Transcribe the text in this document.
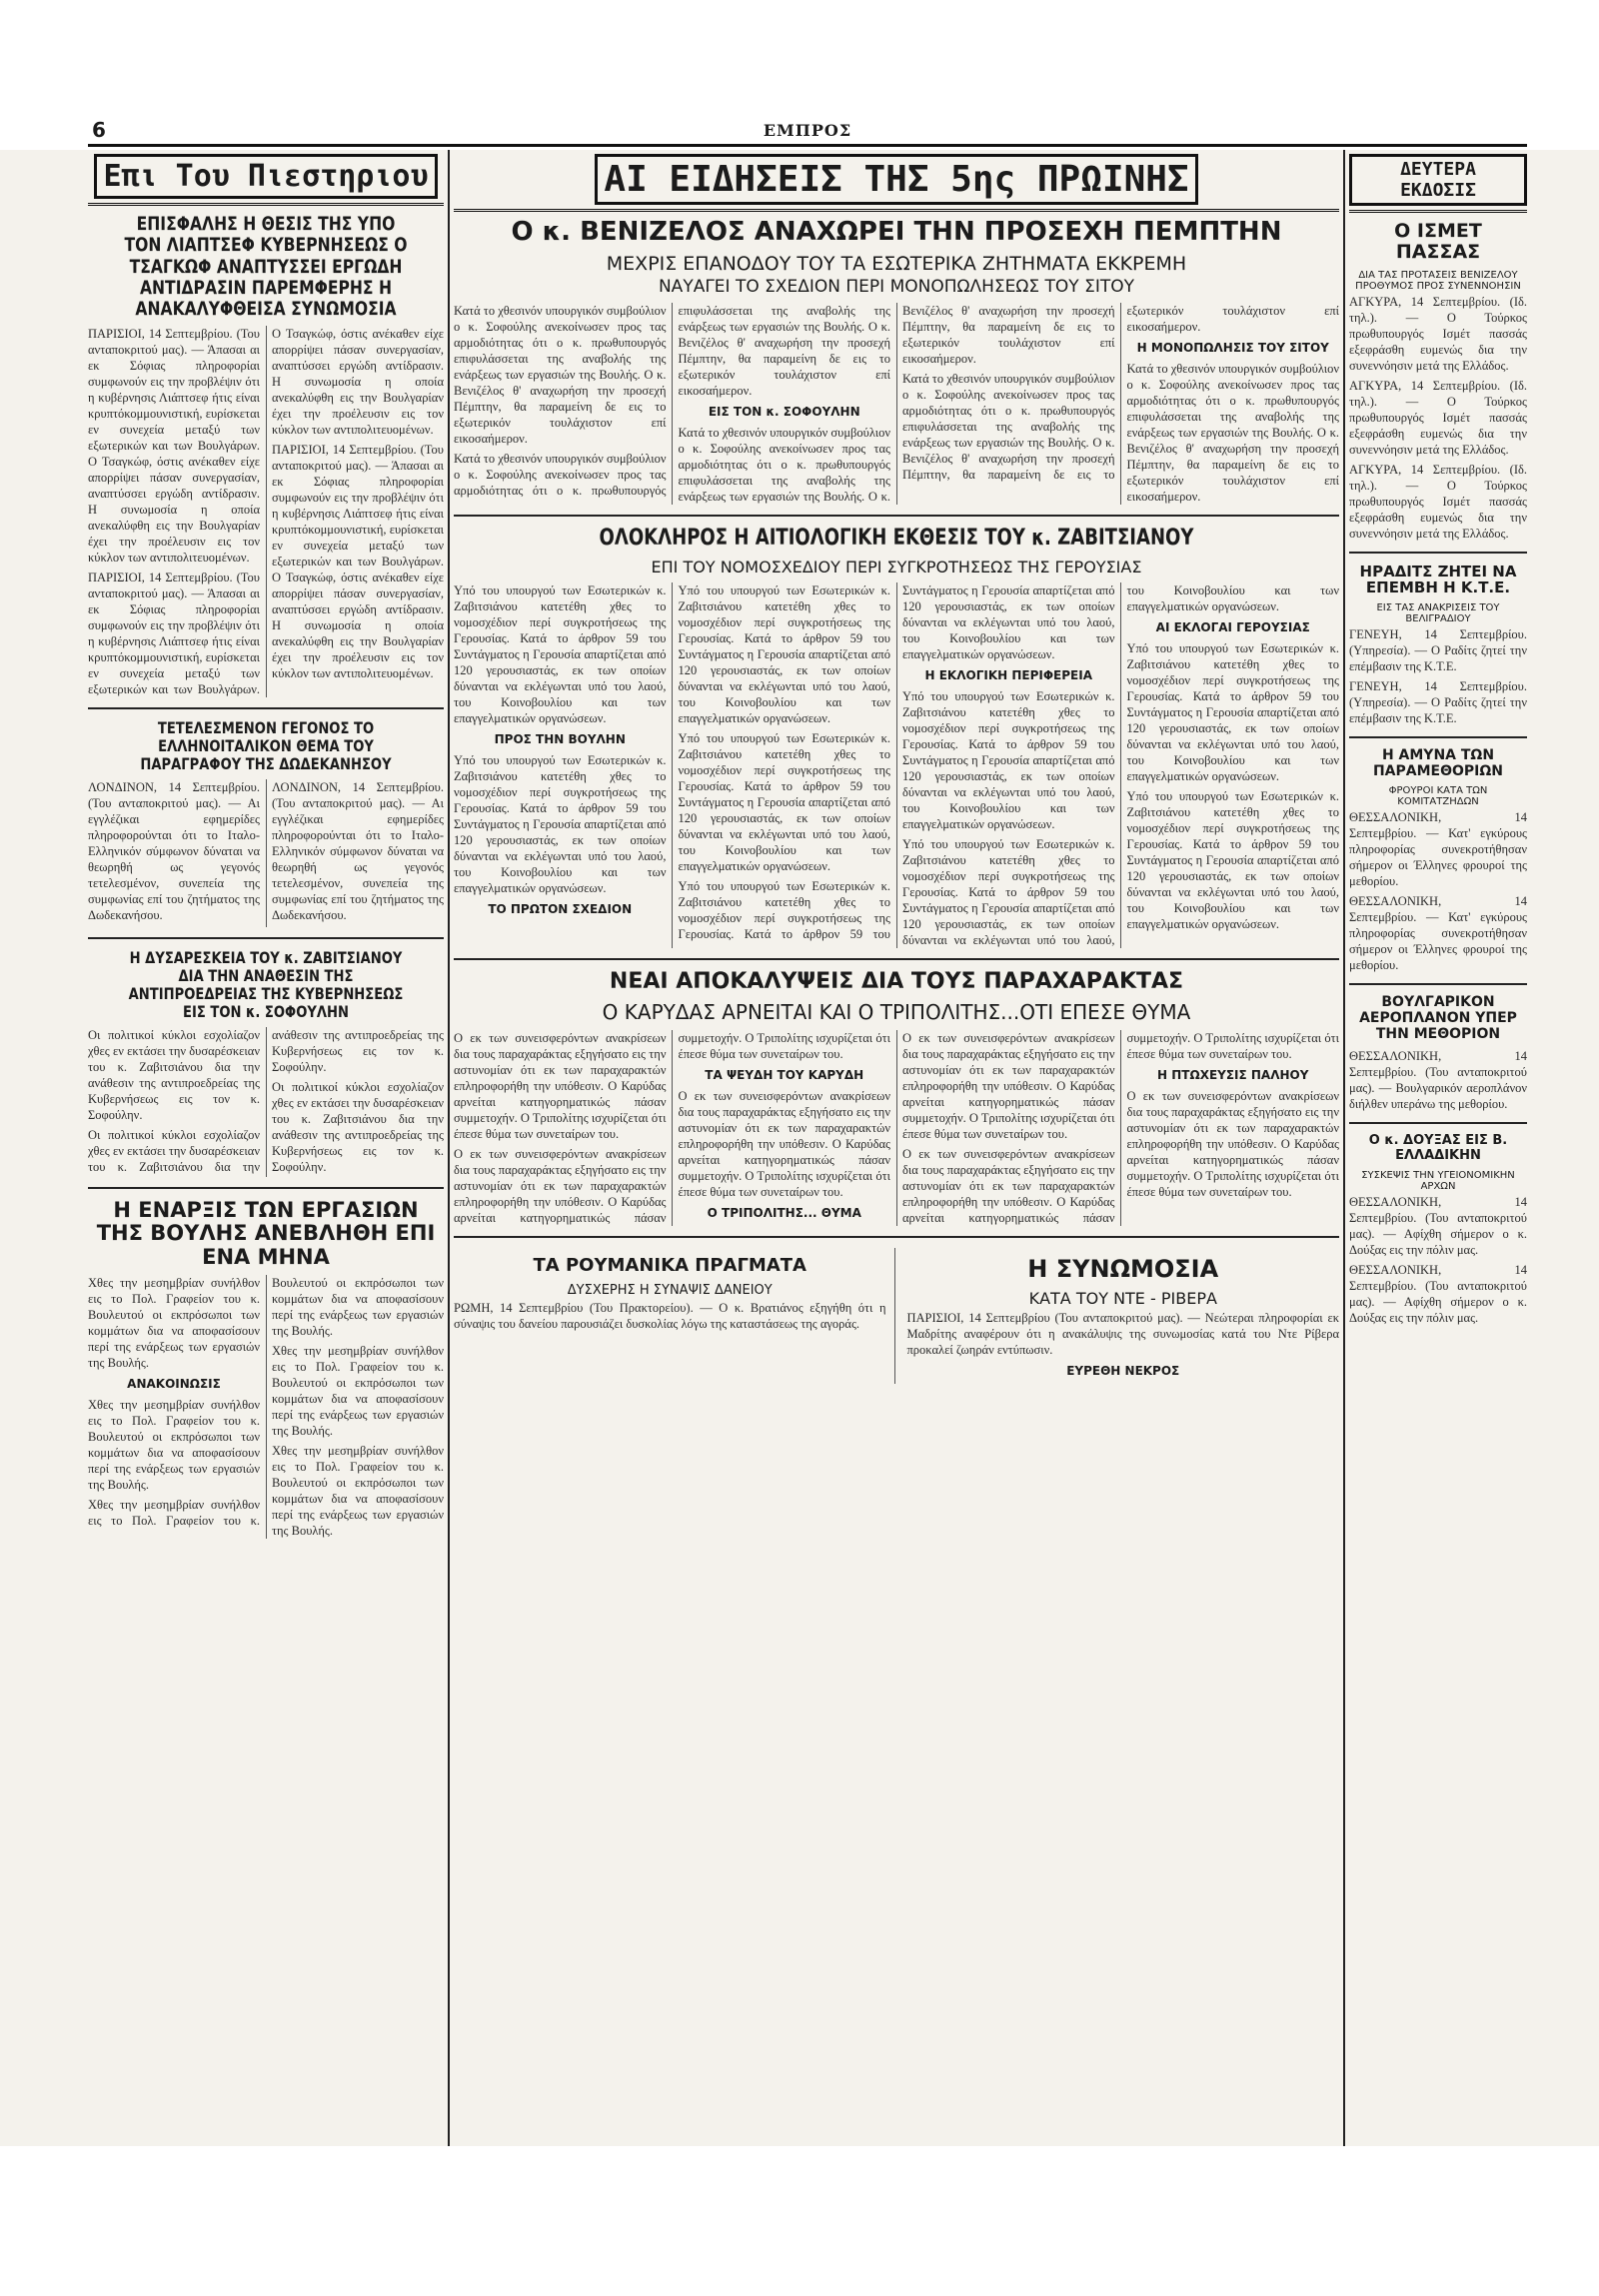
6	ΕΜΠΡΟΣ
Επι Του Πιεστηριου
ΕΠΙΣΦΑΛΗΣ Η ΘΕΣΙΣ ΤΗΣ ΥΠΟ ΤΟΝ ΛΙΑΠΤΣΕΦ ΚΥΒΕΡΝΗΣΕΩΣ Ο ΤΣΑΓΚΩΦ ΑΝΑΠΤΥΣΣΕΙ ΕΡΓΩΔΗ ΑΝΤΙΔΡΑΣΙΝ ΠΑΡΕΜΦΕΡΗΣ Η ΑΝΑΚΑΛΥΦΘΕΙΣΑ ΣΥΝΩΜΟΣΙΑ

ΠΑΡΙΣΙΟΙ, 14 Σεπτεμβρίου. (Του ανταποκριτού μας). — Άπασαι αι εκ Σόφιας πληροφορίαι συμφωνούν εις την προβλέψιν ότι η κυβέρνησις Λιάπτσεφ ήτις είναι κρυπτόκομμουνιστική, ευρίσκεται εν συνεχεία μεταξύ των εξωτερικών και των Βουλγάρων. Ο Τσαγκώφ, όστις ανέκαθεν είχε απορρίψει πάσαν συνεργασίαν, αναπτύσσει εργώδη αντίδρασιν. Η συνωμοσία η οποία ανεκαλύφθη εις την Βουλγαρίαν έχει την προέλευσιν εις τον κύκλον των αντιπολιτευομένων.

ΠΑΡΙΣΙΟΙ, 14 Σεπτεμβρίου. (Του ανταποκριτού μας). — Άπασαι αι εκ Σόφιας πληροφορίαι συμφωνούν εις την προβλέψιν ότι η κυβέρνησις Λιάπτσεφ ήτις είναι κρυπτόκομμουνιστική, ευρίσκεται εν συνεχεία μεταξύ των εξωτερικών και των Βουλγάρων. Ο Τσαγκώφ, όστις ανέκαθεν είχε απορρίψει πάσαν συνεργασίαν, αναπτύσσει εργώδη αντίδρασιν. Η συνωμοσία η οποία ανεκαλύφθη εις την Βουλγαρίαν έχει την προέλευσιν εις τον κύκλον των αντιπολιτευομένων.

ΠΑΡΙΣΙΟΙ, 14 Σεπτεμβρίου. (Του ανταποκριτού μας). — Άπασαι αι εκ Σόφιας πληροφορίαι συμφωνούν εις την προβλέψιν ότι η κυβέρνησις Λιάπτσεφ ήτις είναι κρυπτόκομμουνιστική, ευρίσκεται εν συνεχεία μεταξύ των εξωτερικών και των Βουλγάρων. Ο Τσαγκώφ, όστις ανέκαθεν είχε απορρίψει πάσαν συνεργασίαν, αναπτύσσει εργώδη αντίδρασιν. Η συνωμοσία η οποία ανεκαλύφθη εις την Βουλγαρίαν έχει την προέλευσιν εις τον κύκλον των αντιπολιτευομένων.

ΤΕΤΕΛΕΣΜΕΝΟΝ ΓΕΓΟΝΟΣ ΤΟ ΕΛΛΗΝΟΙΤΑΛΙΚΟΝ ΘΕΜΑ ΤΟΥ ΠΑΡΑΓΡΑΦΟΥ ΤΗΣ ΔΩΔΕΚΑΝΗΣΟΥ

ΛΟΝΔΙΝΟΝ, 14 Σεπτεμβρίου. (Του ανταποκριτού μας). — Αι εγγλέζικαι εφημερίδες πληροφορούνται ότι το Ιταλο-Ελληνικόν σύμφωνον δύναται να θεωρηθή ως γεγονός τετελεσμένον, συνεπεία της συμφωνίας επί του ζητήματος της Δωδεκανήσου.

ΛΟΝΔΙΝΟΝ, 14 Σεπτεμβρίου. (Του ανταποκριτού μας). — Αι εγγλέζικαι εφημερίδες πληροφορούνται ότι το Ιταλο-Ελληνικόν σύμφωνον δύναται να θεωρηθή ως γεγονός τετελεσμένον, συνεπεία της συμφωνίας επί του ζητήματος της Δωδεκανήσου.

Η ΔΥΣΑΡΕΣΚΕΙΑ ΤΟΥ κ. ΖΑΒΙΤΣΙΑΝΟΥ ΔΙΑ ΤΗΝ ΑΝΑΘΕΣΙΝ ΤΗΣ ΑΝΤΙΠΡΟΕΔΡΕΙΑΣ ΤΗΣ ΚΥΒΕΡΝΗΣΕΩΣ ΕΙΣ ΤΟΝ κ. ΣΟΦΟΥΛΗΝ

Οι πολιτικοί κύκλοι εσχολίαζον χθες εν εκτάσει την δυσαρέσκειαν του κ. Ζαβιτσιάνου δια την ανάθεσιν της αντιπροεδρείας της Κυβερνήσεως εις τον κ. Σοφούλην.

Οι πολιτικοί κύκλοι εσχολίαζον χθες εν εκτάσει την δυσαρέσκειαν του κ. Ζαβιτσιάνου δια την ανάθεσιν της αντιπροεδρείας της Κυβερνήσεως εις τον κ. Σοφούλην.

Οι πολιτικοί κύκλοι εσχολίαζον χθες εν εκτάσει την δυσαρέσκειαν του κ. Ζαβιτσιάνου δια την ανάθεσιν της αντιπροεδρείας της Κυβερνήσεως εις τον κ. Σοφούλην.

Η ΕΝΑΡΞΙΣ ΤΩΝ ΕΡΓΑΣΙΩΝ ΤΗΣ ΒΟΥΛΗΣ ΑΝΕΒΛΗΘΗ ΕΠΙ ΕΝΑ ΜΗΝΑ

Χθες την μεσημβρίαν συνήλθον εις το Πολ. Γραφείον του κ. Βουλευτού οι εκπρόσωποι των κομμάτων δια να αποφασίσουν περί της ενάρξεως των εργασιών της Βουλής.

ΑΝΑΚΟΙΝΩΣΙΣ

Χθες την μεσημβρίαν συνήλθον εις το Πολ. Γραφείον του κ. Βουλευτού οι εκπρόσωποι των κομμάτων δια να αποφασίσουν περί της ενάρξεως των εργασιών της Βουλής.

Χθες την μεσημβρίαν συνήλθον εις το Πολ. Γραφείον του κ. Βουλευτού οι εκπρόσωποι των κομμάτων δια να αποφασίσουν περί της ενάρξεως των εργασιών της Βουλής.

Χθες την μεσημβρίαν συνήλθον εις το Πολ. Γραφείον του κ. Βουλευτού οι εκπρόσωποι των κομμάτων δια να αποφασίσουν περί της ενάρξεως των εργασιών της Βουλής.

Χθες την μεσημβρίαν συνήλθον εις το Πολ. Γραφείον του κ. Βουλευτού οι εκπρόσωποι των κομμάτων δια να αποφασίσουν περί της ενάρξεως των εργασιών της Βουλής.

ΑΙ ΕΙΔΗΣΕΙΣ ΤΗΣ 5ης ΠΡΩΙΝΗΣ
Ο κ. ΒΕΝΙΖΕΛΟΣ ΑΝΑΧΩΡΕΙ ΤΗΝ ΠΡΟΣΕΧΗ ΠΕΜΠΤΗΝ
ΜΕΧΡΙΣ ΕΠΑΝΟΔΟΥ ΤΟΥ ΤΑ ΕΣΩΤΕΡΙΚΑ ΖΗΤΗΜΑΤΑ ΕΚΚΡΕΜΗ
ΝΑΥΑΓΕΙ ΤΟ ΣΧΕΔΙΟΝ ΠΕΡΙ ΜΟΝΟΠΩΛΗΣΕΩΣ ΤΟΥ ΣΙΤΟΥ

Κατά το χθεσινόν υπουργικόν συμβούλιον ο κ. Σοφούλης ανεκοίνωσεν προς τας αρμοδιότητας ότι ο κ. πρωθυπουργός επιφυλάσσεται της αναβολής της ενάρξεως των εργασιών της Βουλής. Ο κ. Βενιζέλος θ' αναχωρήση την προσεχή Πέμπτην, θα παραμείνη δε εις το εξωτερικόν τουλάχιστον επί εικοσαήμερον.

Κατά το χθεσινόν υπουργικόν συμβούλιον ο κ. Σοφούλης ανεκοίνωσεν προς τας αρμοδιότητας ότι ο κ. πρωθυπουργός επιφυλάσσεται της αναβολής της ενάρξεως των εργασιών της Βουλής. Ο κ. Βενιζέλος θ' αναχωρήση την προσεχή Πέμπτην, θα παραμείνη δε εις το εξωτερικόν τουλάχιστον επί εικοσαήμερον.

ΕΙΣ ΤΟΝ κ. ΣΟΦΟΥΛΗΝ

Κατά το χθεσινόν υπουργικόν συμβούλιον ο κ. Σοφούλης ανεκοίνωσεν προς τας αρμοδιότητας ότι ο κ. πρωθυπουργός επιφυλάσσεται της αναβολής της ενάρξεως των εργασιών της Βουλής. Ο κ. Βενιζέλος θ' αναχωρήση την προσεχή Πέμπτην, θα παραμείνη δε εις το εξωτερικόν τουλάχιστον επί εικοσαήμερον.

Κατά το χθεσινόν υπουργικόν συμβούλιον ο κ. Σοφούλης ανεκοίνωσεν προς τας αρμοδιότητας ότι ο κ. πρωθυπουργός επιφυλάσσεται της αναβολής της ενάρξεως των εργασιών της Βουλής. Ο κ. Βενιζέλος θ' αναχωρήση την προσεχή Πέμπτην, θα παραμείνη δε εις το εξωτερικόν τουλάχιστον επί εικοσαήμερον.

Η ΜΟΝΟΠΩΛΗΣΙΣ ΤΟΥ ΣΙΤΟΥ

Κατά το χθεσινόν υπουργικόν συμβούλιον ο κ. Σοφούλης ανεκοίνωσεν προς τας αρμοδιότητας ότι ο κ. πρωθυπουργός επιφυλάσσεται της αναβολής της ενάρξεως των εργασιών της Βουλής. Ο κ. Βενιζέλος θ' αναχωρήση την προσεχή Πέμπτην, θα παραμείνη δε εις το εξωτερικόν τουλάχιστον επί εικοσαήμερον.

ΟΛΟΚΛΗΡΟΣ Η ΑΙΤΙΟΛΟΓΙΚΗ ΕΚΘΕΣΙΣ ΤΟΥ κ. ΖΑΒΙΤΣΙΑΝΟΥ
ΕΠΙ ΤΟΥ ΝΟΜΟΣΧΕΔΙΟΥ ΠΕΡΙ ΣΥΓΚΡΟΤΗΣΕΩΣ ΤΗΣ ΓΕΡΟΥΣΙΑΣ

Υπό του υπουργού των Εσωτερικών κ. Ζαβιτσιάνου κατετέθη χθες το νομοσχέδιον περί συγκροτήσεως της Γερουσίας. Κατά το άρθρον 59 του Συντάγματος η Γερουσία απαρτίζεται από 120 γερουσιαστάς, εκ των οποίων δύνανται να εκλέγωνται υπό του λαού, του Κοινοβουλίου και των επαγγελματικών οργανώσεων.

ΠΡΟΣ ΤΗΝ ΒΟΥΛΗΝ

Υπό του υπουργού των Εσωτερικών κ. Ζαβιτσιάνου κατετέθη χθες το νομοσχέδιον περί συγκροτήσεως της Γερουσίας. Κατά το άρθρον 59 του Συντάγματος η Γερουσία απαρτίζεται από 120 γερουσιαστάς, εκ των οποίων δύνανται να εκλέγωνται υπό του λαού, του Κοινοβουλίου και των επαγγελματικών οργανώσεων.

ΤΟ ΠΡΩΤΟΝ ΣΧΕΔΙΟΝ

Υπό του υπουργού των Εσωτερικών κ. Ζαβιτσιάνου κατετέθη χθες το νομοσχέδιον περί συγκροτήσεως της Γερουσίας. Κατά το άρθρον 59 του Συντάγματος η Γερουσία απαρτίζεται από 120 γερουσιαστάς, εκ των οποίων δύνανται να εκλέγωνται υπό του λαού, του Κοινοβουλίου και των επαγγελματικών οργανώσεων.

Υπό του υπουργού των Εσωτερικών κ. Ζαβιτσιάνου κατετέθη χθες το νομοσχέδιον περί συγκροτήσεως της Γερουσίας. Κατά το άρθρον 59 του Συντάγματος η Γερουσία απαρτίζεται από 120 γερουσιαστάς, εκ των οποίων δύνανται να εκλέγωνται υπό του λαού, του Κοινοβουλίου και των επαγγελματικών οργανώσεων.

Υπό του υπουργού των Εσωτερικών κ. Ζαβιτσιάνου κατετέθη χθες το νομοσχέδιον περί συγκροτήσεως της Γερουσίας. Κατά το άρθρον 59 του Συντάγματος η Γερουσία απαρτίζεται από 120 γερουσιαστάς, εκ των οποίων δύνανται να εκλέγωνται υπό του λαού, του Κοινοβουλίου και των επαγγελματικών οργανώσεων.

Η ΕΚΛΟΓΙΚΗ ΠΕΡΙΦΕΡΕΙΑ

Υπό του υπουργού των Εσωτερικών κ. Ζαβιτσιάνου κατετέθη χθες το νομοσχέδιον περί συγκροτήσεως της Γερουσίας. Κατά το άρθρον 59 του Συντάγματος η Γερουσία απαρτίζεται από 120 γερουσιαστάς, εκ των οποίων δύνανται να εκλέγωνται υπό του λαού, του Κοινοβουλίου και των επαγγελματικών οργανώσεων.

Υπό του υπουργού των Εσωτερικών κ. Ζαβιτσιάνου κατετέθη χθες το νομοσχέδιον περί συγκροτήσεως της Γερουσίας. Κατά το άρθρον 59 του Συντάγματος η Γερουσία απαρτίζεται από 120 γερουσιαστάς, εκ των οποίων δύνανται να εκλέγωνται υπό του λαού, του Κοινοβουλίου και των επαγγελματικών οργανώσεων.

ΑΙ ΕΚΛΟΓΑΙ ΓΕΡΟΥΣΙΑΣ

Υπό του υπουργού των Εσωτερικών κ. Ζαβιτσιάνου κατετέθη χθες το νομοσχέδιον περί συγκροτήσεως της Γερουσίας. Κατά το άρθρον 59 του Συντάγματος η Γερουσία απαρτίζεται από 120 γερουσιαστάς, εκ των οποίων δύνανται να εκλέγωνται υπό του λαού, του Κοινοβουλίου και των επαγγελματικών οργανώσεων.

Υπό του υπουργού των Εσωτερικών κ. Ζαβιτσιάνου κατετέθη χθες το νομοσχέδιον περί συγκροτήσεως της Γερουσίας. Κατά το άρθρον 59 του Συντάγματος η Γερουσία απαρτίζεται από 120 γερουσιαστάς, εκ των οποίων δύνανται να εκλέγωνται υπό του λαού, του Κοινοβουλίου και των επαγγελματικών οργανώσεων.

ΝΕΑΙ ΑΠΟΚΑΛΥΨΕΙΣ ΔΙΑ ΤΟΥΣ ΠΑΡΑΧΑΡΑΚΤΑΣ
Ο ΚΑΡΥΔΑΣ ΑΡΝΕΙΤΑΙ ΚΑΙ Ο ΤΡΙΠΟΛΙΤΗΣ...ΟΤΙ ΕΠΕΣΕ ΘΥΜΑ

Ο εκ των συνεισφερόντων ανακρίσεων δια τους παραχαράκτας εξηγήσατο εις την αστυνομίαν ότι εκ των παραχαρακτών επληροφορήθη την υπόθεσιν. Ο Καρύδας αρνείται κατηγορηματικώς πάσαν συμμετοχήν. Ο Τριπολίτης ισχυρίζεται ότι έπεσε θύμα των συνεταίρων του.

Ο εκ των συνεισφερόντων ανακρίσεων δια τους παραχαράκτας εξηγήσατο εις την αστυνομίαν ότι εκ των παραχαρακτών επληροφορήθη την υπόθεσιν. Ο Καρύδας αρνείται κατηγορηματικώς πάσαν συμμετοχήν. Ο Τριπολίτης ισχυρίζεται ότι έπεσε θύμα των συνεταίρων του.

ΤΑ ΨΕΥΔΗ ΤΟΥ ΚΑΡΥΔΗ

Ο εκ των συνεισφερόντων ανακρίσεων δια τους παραχαράκτας εξηγήσατο εις την αστυνομίαν ότι εκ των παραχαρακτών επληροφορήθη την υπόθεσιν. Ο Καρύδας αρνείται κατηγορηματικώς πάσαν συμμετοχήν. Ο Τριπολίτης ισχυρίζεται ότι έπεσε θύμα των συνεταίρων του.

Ο ΤΡΙΠΟΛΙΤΗΣ... ΘΥΜΑ

Ο εκ των συνεισφερόντων ανακρίσεων δια τους παραχαράκτας εξηγήσατο εις την αστυνομίαν ότι εκ των παραχαρακτών επληροφορήθη την υπόθεσιν. Ο Καρύδας αρνείται κατηγορηματικώς πάσαν συμμετοχήν. Ο Τριπολίτης ισχυρίζεται ότι έπεσε θύμα των συνεταίρων του.

Ο εκ των συνεισφερόντων ανακρίσεων δια τους παραχαράκτας εξηγήσατο εις την αστυνομίαν ότι εκ των παραχαρακτών επληροφορήθη την υπόθεσιν. Ο Καρύδας αρνείται κατηγορηματικώς πάσαν συμμετοχήν. Ο Τριπολίτης ισχυρίζεται ότι έπεσε θύμα των συνεταίρων του.

Η ΠΤΩΧΕΥΣΙΣ ΠΑΛΗΟΥ

Ο εκ των συνεισφερόντων ανακρίσεων δια τους παραχαράκτας εξηγήσατο εις την αστυνομίαν ότι εκ των παραχαρακτών επληροφορήθη την υπόθεσιν. Ο Καρύδας αρνείται κατηγορηματικώς πάσαν συμμετοχήν. Ο Τριπολίτης ισχυρίζεται ότι έπεσε θύμα των συνεταίρων του.

ΤΑ ΡΟΥΜΑΝΙΚΑ ΠΡΑΓΜΑΤΑ
ΔΥΣΧΕΡΗΣ Η ΣΥΝΑΨΙΣ ΔΑΝΕΙΟΥ

ΡΩΜΗ, 14 Σεπτεμβρίου (Του Πρακτορείου). — Ο κ. Βρατιάνος εξηγήθη ότι η σύναψις του δανείου παρουσιάζει δυσκολίας λόγω της καταστάσεως της αγοράς.

Η ΣΥΝΩΜΟΣΙΑ
ΚΑΤΑ ΤΟΥ ΝΤΕ - ΡΙΒΕΡΑ

ΠΑΡΙΣΙΟΙ, 14 Σεπτεμβρίου (Του ανταποκριτού μας). — Νεώτεραι πληροφορίαι εκ Μαδρίτης αναφέρουν ότι η ανακάλυψις της συνωμοσίας κατά του Ντε Ρίβερα προκαλεί ζωηράν εντύπωσιν.

ΕΥΡΕΘΗ ΝΕΚΡΟΣ
ΔΕΥΤΕΡΑ ΕΚΔΟΣΙΣ
Ο ΙΣΜΕΤ ΠΑΣΣΑΣ
ΔΙΑ ΤΑΣ ΠΡΟΤΑΣΕΙΣ ΒΕΝΙΖΕΛΟΥ ΠΡΟΘΥΜΟΣ ΠΡΟΣ ΣΥΝΕΝΝΟΗΣΙΝ

ΑΓΚΥΡΑ, 14 Σεπτεμβρίου. (Ιδ. τηλ.). — Ο Τούρκος πρωθυπουργός Ισμέτ πασσάς εξεφράσθη ευμενώς δια την συνεννόησιν μετά της Ελλάδος.

ΑΓΚΥΡΑ, 14 Σεπτεμβρίου. (Ιδ. τηλ.). — Ο Τούρκος πρωθυπουργός Ισμέτ πασσάς εξεφράσθη ευμενώς δια την συνεννόησιν μετά της Ελλάδος.

ΑΓΚΥΡΑ, 14 Σεπτεμβρίου. (Ιδ. τηλ.). — Ο Τούρκος πρωθυπουργός Ισμέτ πασσάς εξεφράσθη ευμενώς δια την συνεννόησιν μετά της Ελλάδος.

ΗΡΑΔΙΤΣ ΖΗΤΕΙ ΝΑ ΕΠΕΜΒΗ Η Κ.Τ.Ε.
ΕΙΣ ΤΑΣ ΑΝΑΚΡΙΣΕΙΣ ΤΟΥ ΒΕΛΙΓΡΑΔΙΟΥ

ΓΕΝΕΥΗ, 14 Σεπτεμβρίου. (Υπηρεσία). — Ο Ραδίτς ζητεί την επέμβασιν της Κ.Τ.Ε.

ΓΕΝΕΥΗ, 14 Σεπτεμβρίου. (Υπηρεσία). — Ο Ραδίτς ζητεί την επέμβασιν της Κ.Τ.Ε.

Η ΑΜΥΝΑ ΤΩΝ ΠΑΡΑΜΕΘΟΡΙΩΝ
ΦΡΟΥΡΟΙ ΚΑΤΑ ΤΩΝ ΚΟΜΙΤΑΤΖΗΔΩΝ

ΘΕΣΣΑΛΟΝΙΚΗ, 14 Σεπτεμβρίου. — Κατ' εγκύρους πληροφορίας συνεκροτήθησαν σήμερον οι Έλληνες φρουροί της μεθορίου.

ΘΕΣΣΑΛΟΝΙΚΗ, 14 Σεπτεμβρίου. — Κατ' εγκύρους πληροφορίας συνεκροτήθησαν σήμερον οι Έλληνες φρουροί της μεθορίου.

ΒΟΥΛΓΑΡΙΚΟΝ ΑΕΡΟΠΛΑΝΟΝ ΥΠΕΡ ΤΗΝ ΜΕΘΟΡΙΟΝ

ΘΕΣΣΑΛΟΝΙΚΗ, 14 Σεπτεμβρίου. (Του ανταποκριτού μας). — Βουλγαρικόν αεροπλάνον διήλθεν υπεράνω της μεθορίου.

Ο κ. ΔΟΥΞΑΣ ΕΙΣ Β. ΕΛΛΑΔΙΚΗΝ
ΣΥΣΚΕΨΙΣ ΤΗΝ ΥΓΕΙΟΝΟΜΙΚΗΝ ΑΡΧΩΝ

ΘΕΣΣΑΛΟΝΙΚΗ, 14 Σεπτεμβρίου. (Του ανταποκριτού μας). — Αφίχθη σήμερον ο κ. Δούξας εις την πόλιν μας.

ΘΕΣΣΑΛΟΝΙΚΗ, 14 Σεπτεμβρίου. (Του ανταποκριτού μας). — Αφίχθη σήμερον ο κ. Δούξας εις την πόλιν μας.
